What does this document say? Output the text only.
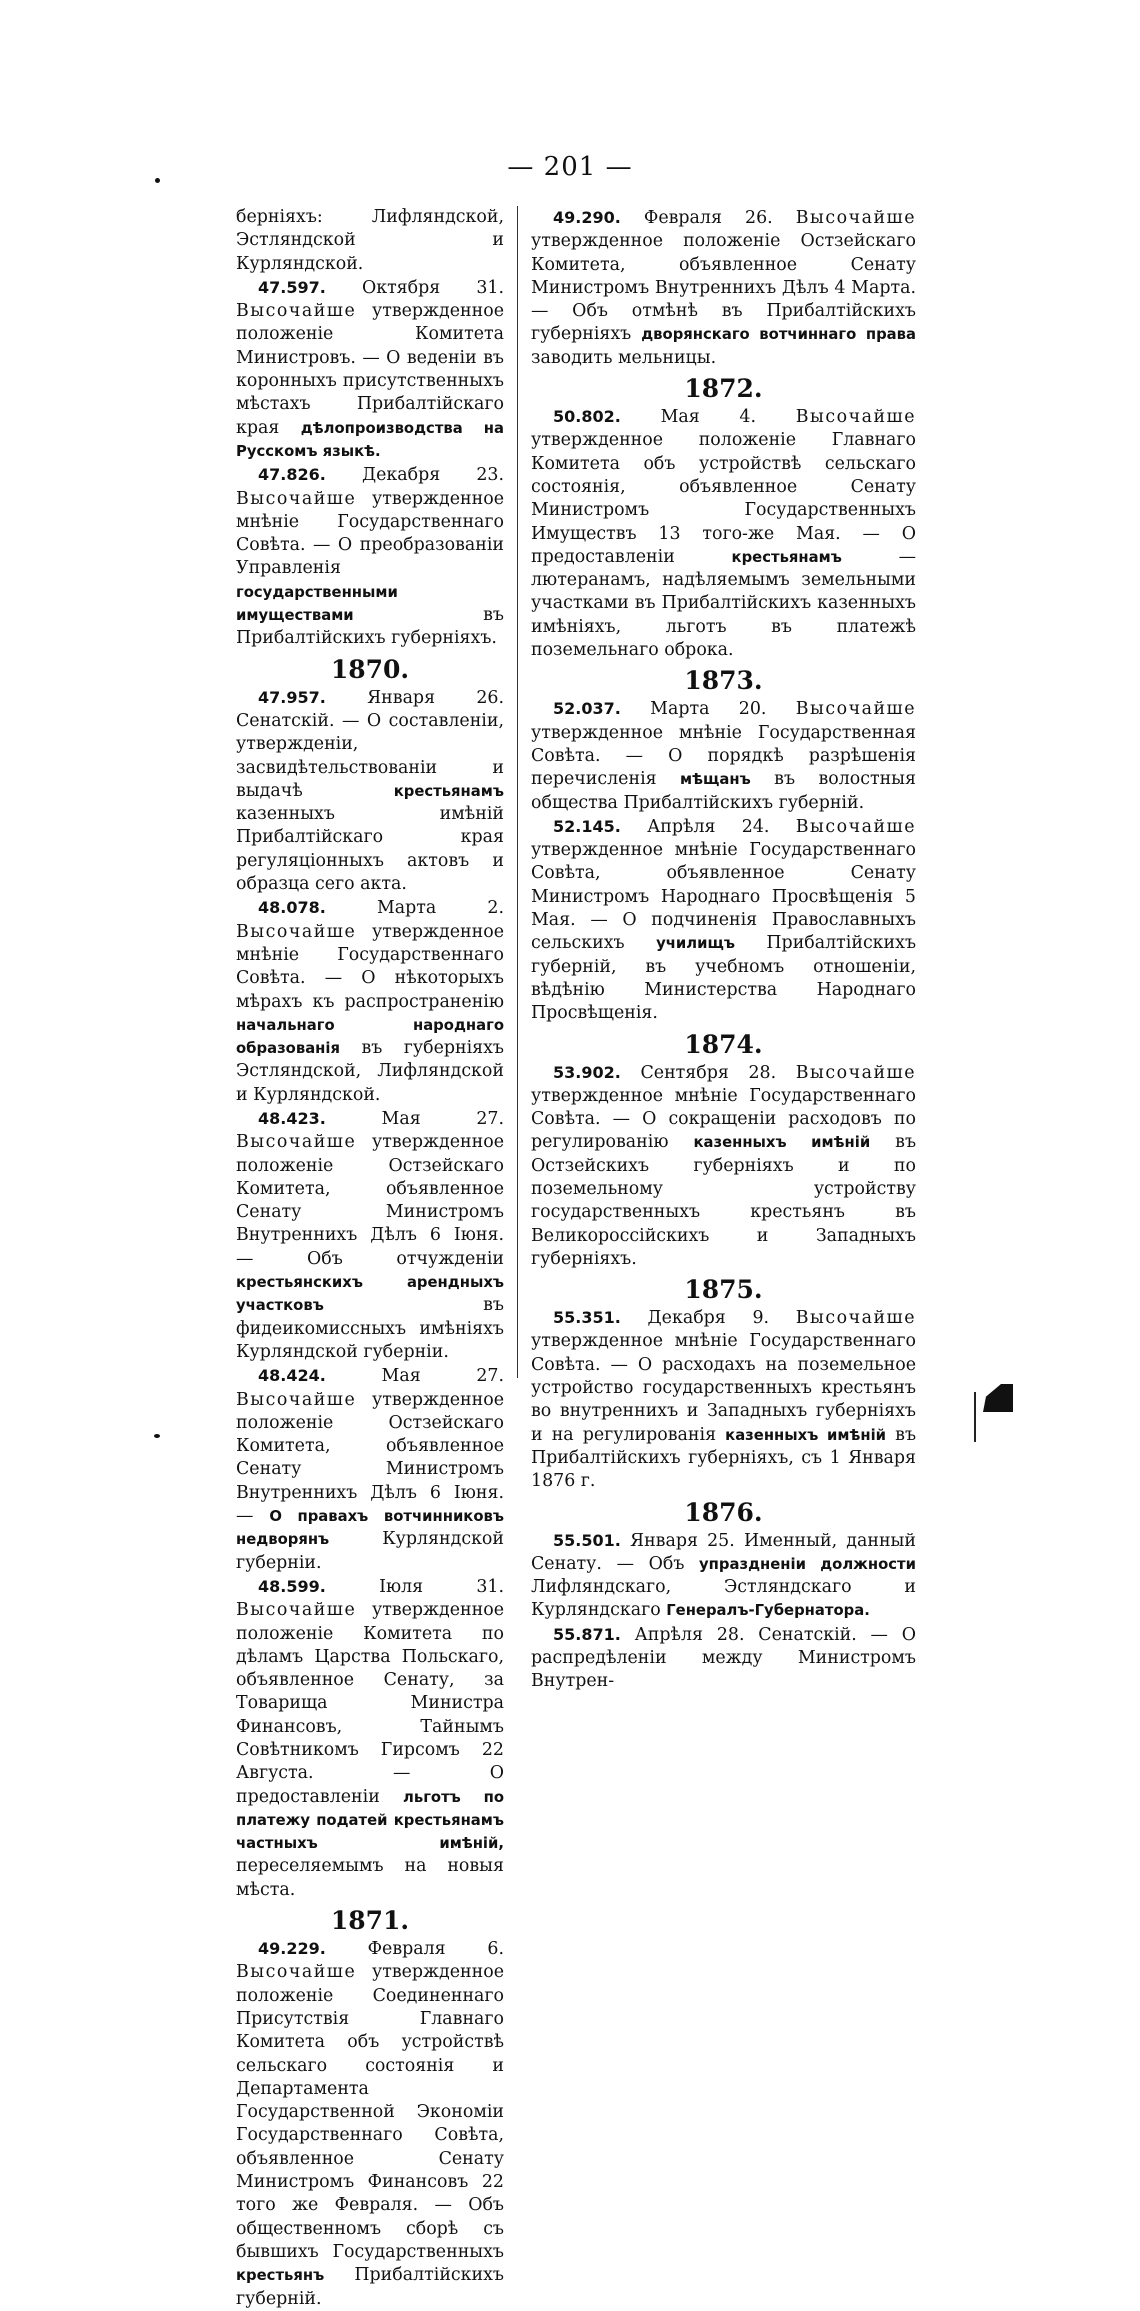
— 201 —

берніяхъ: Лифляндской, Эстляндской и Курляндской.

47.597. Октября 31. Высочайше утвержденное положеніе Комитета Министровъ. — О веденіи въ коронныхъ присутственныхъ мѣстахъ Прибалтійскаго края дѣлопроизводства на Русскомъ языкѣ.

47.826. Декабря 23. Высочайше утвержденное мнѣніе Государственнаго Совѣта. — О преобразованіи Управленія государственными имуществами	въ Прибалтійскихъ губерніяхъ.

1870.

47.957. Января 26. Сенатскій. — О составленіи, утвержденіи, засвидѣтельствованіи и выдачѣ	крестьянамъ казенныхъ имѣній Прибалтійскаго края регуляціонныхъ актовъ и образца сего акта.

48.078.	Марта 2. Высочайше утвержденное мнѣніе Государственнаго Совѣта. — О нѣкоторыхъ мѣрахъ къ распространенію начальнаго народнаго образованія въ губерніяхъ Эстляндской, Лифляндской и Курляндской.

48.423.	Мая 27. Высочайше утвержденное положеніе Остзейскаго Комитета, объявленное Сенату Министромъ Внутреннихъ Дѣлъ 6 Іюня. — Объ отчужденіи крестьянскихъ арендныхъ участковъ	въ фидеикомиссныхъ имѣніяхъ Курляндской губерніи.

48.424.	Мая 27. Высочайше утвержденное положеніе Остзейскаго Комитета, объявленное Сенату Министромъ Внутреннихъ Дѣлъ 6 Іюня. — О правахъ вотчинниковъ недворянъ	Курляндской губерніи.

48.599.	Іюля 31. Высочайше утвержденное положеніе Комитета по дѣламъ Царства Польскаго, объявленное Сенату, за Товарища Министра Финансовъ, Тайнымъ Совѣтникомъ Гирсомъ 22 Августа. — О предоставленіи льготъ по платежу податей крестьянамъ частныхъ имѣній, переселяемымъ на новыя мѣста.

1871.

49.229. Февраля 6. Высочайше утвержденное положеніе Соединеннаго Присутствія Главнаго Комитета объ устройствѣ сельскаго состоянія и Департамента Государственной Экономіи Государственнаго Совѣта, объявленное Сенату Министромъ Финансовъ 22 того же Февраля. — Объ общественномъ сборѣ съ бывшихъ Государственныхъ крестьянъ Прибалтійскихъ губерній.

49.290. Февраля 26. Высочайше утвержденное положеніе Остзейскаго Комитета, объявленное Сенату Министромъ Внутреннихъ Дѣлъ 4 Марта. — Объ отмѣнѣ въ Прибалтійскихъ губерніяхъ дворянскаго вотчиннаго права заводить мельницы.

1872.

50.802. Мая 4. Высочайше утвержденное положеніе Главнаго Комитета объ устройствѣ сельскаго состоянія, объявленное Сенату Министромъ Государственныхъ Имуществъ 13 того-же Мая. — О предоставленіи	крестьянамъ	— лютеранамъ, надѣляемымъ земельными участками въ Прибалтійскихъ казенныхъ имѣніяхъ, льготъ въ платежѣ поземельнаго оброка.

1873.

52.037. Марта 20. Высочайше утвержденное мнѣніе Государственная Совѣта. — О порядкѣ разрѣшенія перечисленія мѣщанъ въ волостныя общества Прибалтійскихъ губерній.

52.145. Апрѣля 24. Высочайше утвержденное мнѣніе Государственнаго Совѣта, объявленное Сенату Министромъ Народнаго Просвѣщенія 5 Мая. — О подчиненія Православныхъ сельскихъ училищъ Прибалтійскихъ губерній, въ учебномъ отношеніи, вѣдѣнію Министерства Народнаго Просвѣщенія.

1874.

53.902. Сентября 28. Высочайше утвержденное мнѣніе Государственнаго Совѣта. — О сокращеніи расходовъ по регулированію казенныхъ имѣній въ Остзейскихъ губерніяхъ и по поземельному устройству государственныхъ крестьянъ въ Великороссійскихъ и Западныхъ губерніяхъ.

1875.

55.351. Декабря 9. Высочайше утвержденное мнѣніе Государственнаго Совѣта. — О расходахъ на поземельное устройство государственныхъ крестьянъ во внутреннихъ и Западныхъ губерніяхъ и на регулированія казенныхъ имѣній въ Прибалтійскихъ губерніяхъ, съ 1 Января 1876 г.

1876.

55.501. Января 25. Именный, данный Сенату. — Объ упраздненіи должности Лифляндскаго, Эстляндскаго и Курляндскаго Генералъ-Губернатора.

55.871. Апрѣля 28. Сенатскій. — О распредѣленіи между Министромъ Внутрен-
